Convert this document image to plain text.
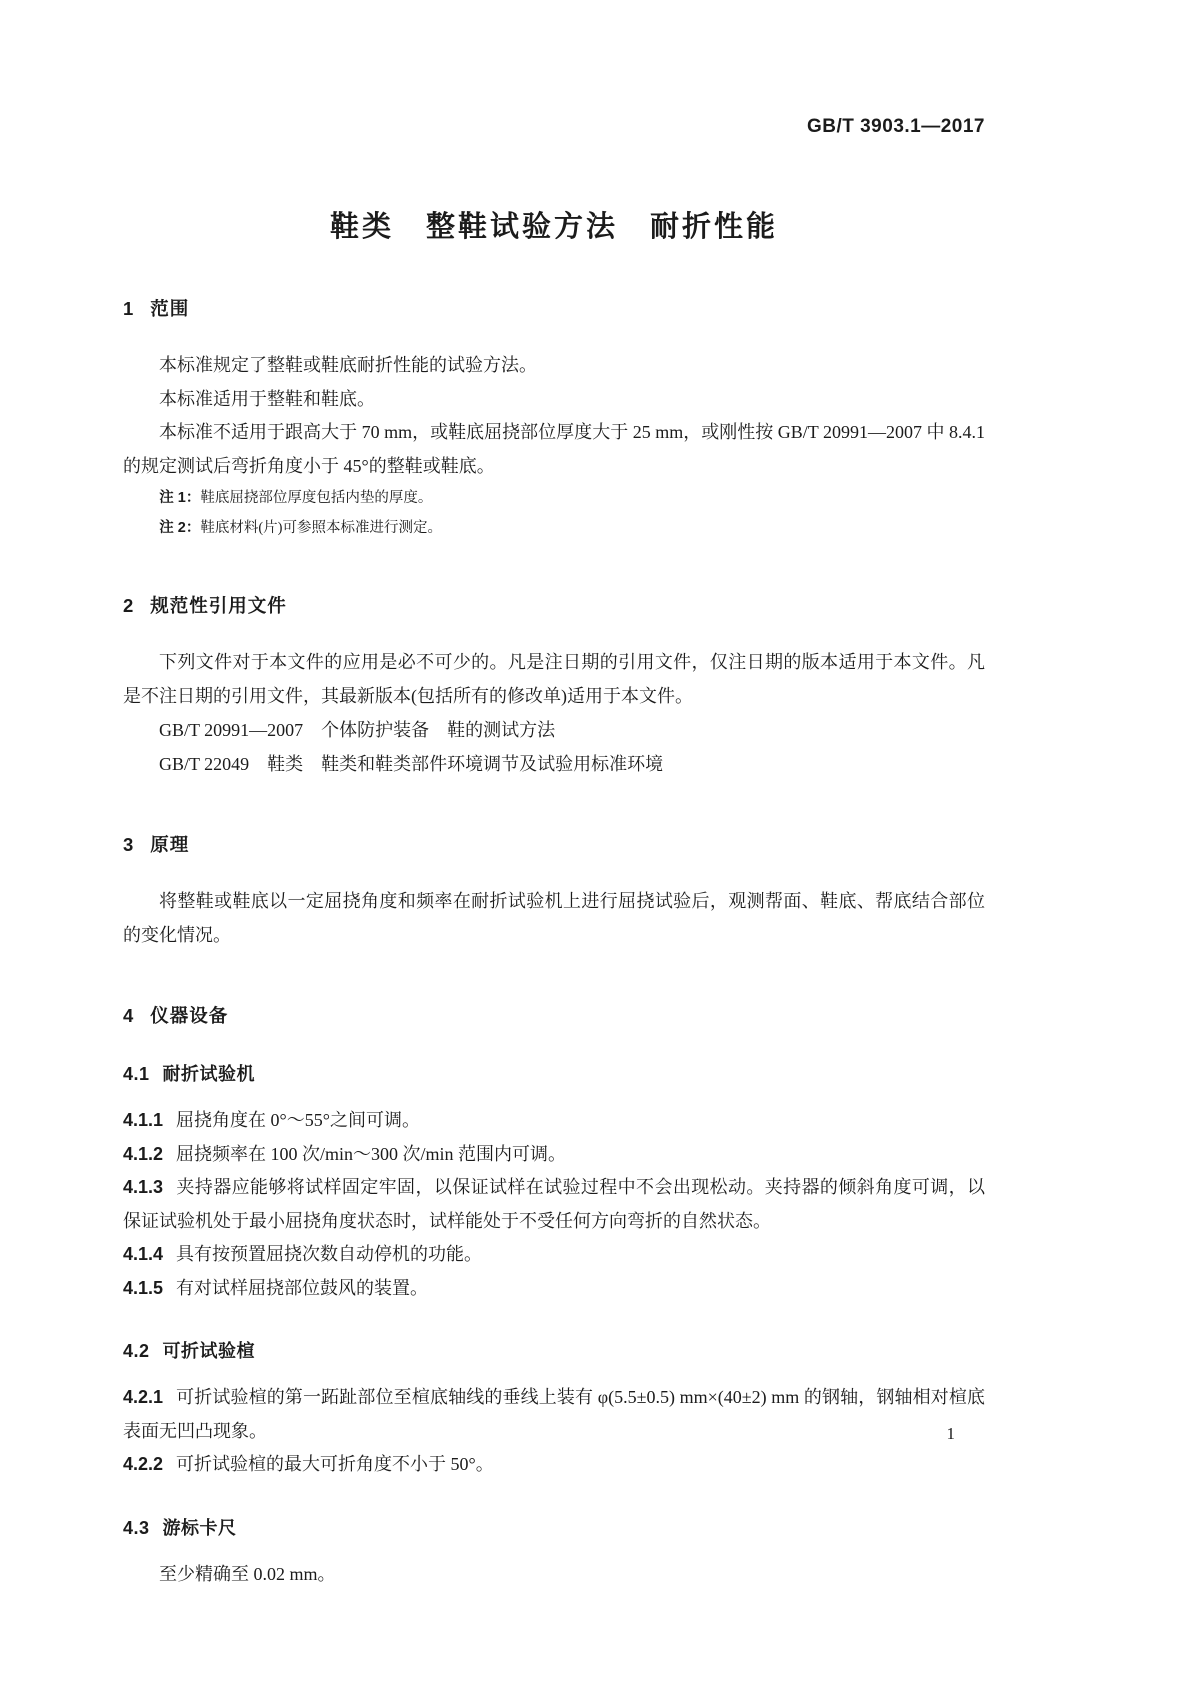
GB/T 3903.1—2017
鞋类　整鞋试验方法　耐折性能
1 范围

本标准规定了整鞋或鞋底耐折性能的试验方法。

本标准适用于整鞋和鞋底。

本标准不适用于跟高大于 70 mm，或鞋底屈挠部位厚度大于 25 mm，或刚性按 GB/T 20991—2007 中 8.4.1 的规定测试后弯折角度小于 45°的整鞋或鞋底。

注 1：鞋底屈挠部位厚度包括内垫的厚度。

注 2：鞋底材料(片)可参照本标准进行测定。

2 规范性引用文件

下列文件对于本文件的应用是必不可少的。凡是注日期的引用文件，仅注日期的版本适用于本文件。凡是不注日期的引用文件，其最新版本(包括所有的修改单)适用于本文件。

GB/T 20991—2007　个体防护装备　鞋的测试方法

GB/T 22049　鞋类　鞋类和鞋类部件环境调节及试验用标准环境

3 原理

将整鞋或鞋底以一定屈挠角度和频率在耐折试验机上进行屈挠试验后，观测帮面、鞋底、帮底结合部位的变化情况。

4 仪器设备
4.1 耐折试验机

4.1.1 屈挠角度在 0°～55°之间可调。

4.1.2 屈挠频率在 100 次/min～300 次/min 范围内可调。

4.1.3 夹持器应能够将试样固定牢固，以保证试样在试验过程中不会出现松动。夹持器的倾斜角度可调，以保证试验机处于最小屈挠角度状态时，试样能处于不受任何方向弯折的自然状态。

4.1.4 具有按预置屈挠次数自动停机的功能。

4.1.5 有对试样屈挠部位鼓风的装置。

4.2 可折试验楦

4.2.1 可折试验楦的第一跖趾部位至楦底轴线的垂线上装有 φ(5.5±0.5) mm×(40±2) mm 的钢轴，钢轴相对楦底表面无凹凸现象。

4.2.2 可折试验楦的最大可折角度不小于 50°。

4.3 游标卡尺

至少精确至 0.02 mm。

1
